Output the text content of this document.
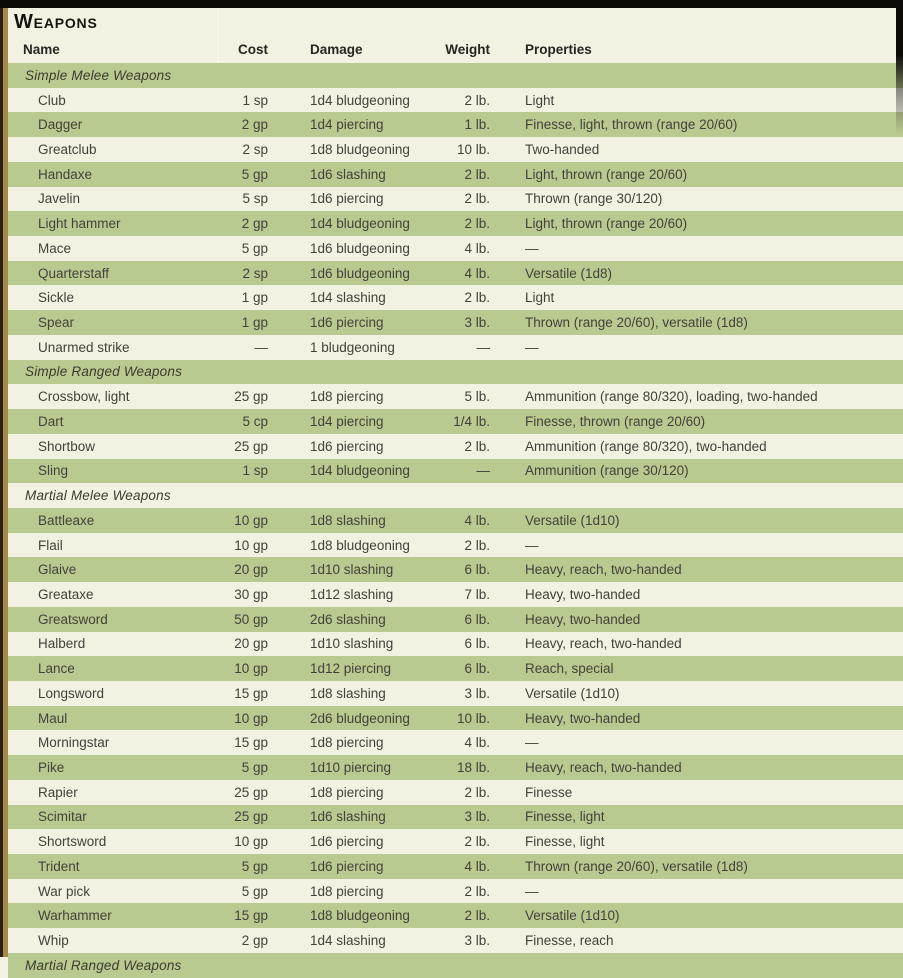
Weapons
Name	Cost	Damage	Weight	Properties
Simple Melee Weapons
Club	1 sp	1d4 bludgeoning	2 lb.	Light
Dagger	2 gp	1d4 piercing	1 lb.	Finesse, light, thrown (range 20/60)
Greatclub	2 sp	1d8 bludgeoning	10 lb.	Two-handed
Handaxe	5 gp	1d6 slashing	2 lb.	Light, thrown (range 20/60)
Javelin	5 sp	1d6 piercing	2 lb.	Thrown (range 30/120)
Light hammer	2 gp	1d4 bludgeoning	2 lb.	Light, thrown (range 20/60)
Mace	5 gp	1d6 bludgeoning	4 lb.	—
Quarterstaff	2 sp	1d6 bludgeoning	4 lb.	Versatile (1d8)
Sickle	1 gp	1d4 slashing	2 lb.	Light
Spear	1 gp	1d6 piercing	3 lb.	Thrown (range 20/60), versatile (1d8)
Unarmed strike	—	1 bludgeoning	—	—
Simple Ranged Weapons
Crossbow, light	25 gp	1d8 piercing	5 lb.	Ammunition (range 80/320), loading, two-handed
Dart	5 cp	1d4 piercing	1/4 lb.	Finesse, thrown (range 20/60)
Shortbow	25 gp	1d6 piercing	2 lb.	Ammunition (range 80/320), two-handed
Sling	1 sp	1d4 bludgeoning	—	Ammunition (range 30/120)
Martial Melee Weapons
Battleaxe	10 gp	1d8 slashing	4 lb.	Versatile (1d10)
Flail	10 gp	1d8 bludgeoning	2 lb.	—
Glaive	20 gp	1d10 slashing	6 lb.	Heavy, reach, two-handed
Greataxe	30 gp	1d12 slashing	7 lb.	Heavy, two-handed
Greatsword	50 gp	2d6 slashing	6 lb.	Heavy, two-handed
Halberd	20 gp	1d10 slashing	6 lb.	Heavy, reach, two-handed
Lance	10 gp	1d12 piercing	6 lb.	Reach, special
Longsword	15 gp	1d8 slashing	3 lb.	Versatile (1d10)
Maul	10 gp	2d6 bludgeoning	10 lb.	Heavy, two-handed
Morningstar	15 gp	1d8 piercing	4 lb.	—
Pike	5 gp	1d10 piercing	18 lb.	Heavy, reach, two-handed
Rapier	25 gp	1d8 piercing	2 lb.	Finesse
Scimitar	25 gp	1d6 slashing	3 lb.	Finesse, light
Shortsword	10 gp	1d6 piercing	2 lb.	Finesse, light
Trident	5 gp	1d6 piercing	4 lb.	Thrown (range 20/60), versatile (1d8)
War pick	5 gp	1d8 piercing	2 lb.	—
Warhammer	15 gp	1d8 bludgeoning	2 lb.	Versatile (1d10)
Whip	2 gp	1d4 slashing	3 lb.	Finesse, reach
Martial Ranged Weapons
